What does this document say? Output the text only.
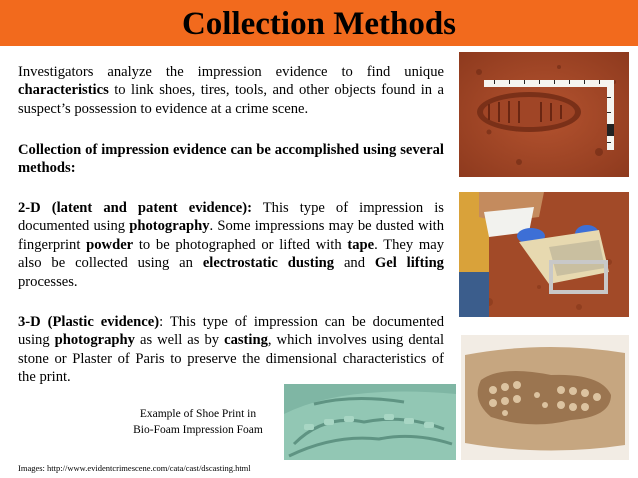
Collection Methods

Investigators analyze the impression evidence to find unique characteristics to link shoes, tires, tools, and other objects found in a suspect’s possession to evidence at a crime scene.

Collection of impression evidence can be accomplished using several methods:

2-D (latent and patent evidence): This type of impression is documented using photography. Some impressions may be dusted with fingerprint powder to be photographed or lifted with tape. They may also be collected using an electrostatic dusting and Gel lifting processes.

3-D (Plastic evidence): This type of impression can be documented using photography as well as by casting, which involves using dental stone or Plaster of Paris to preserve the dimensional characteristics of the print.

Example of Shoe Print in
Bio-Foam Impression Foam
Images: http://www.evidentcrimescene.com/cata/cast/dscasting.html
